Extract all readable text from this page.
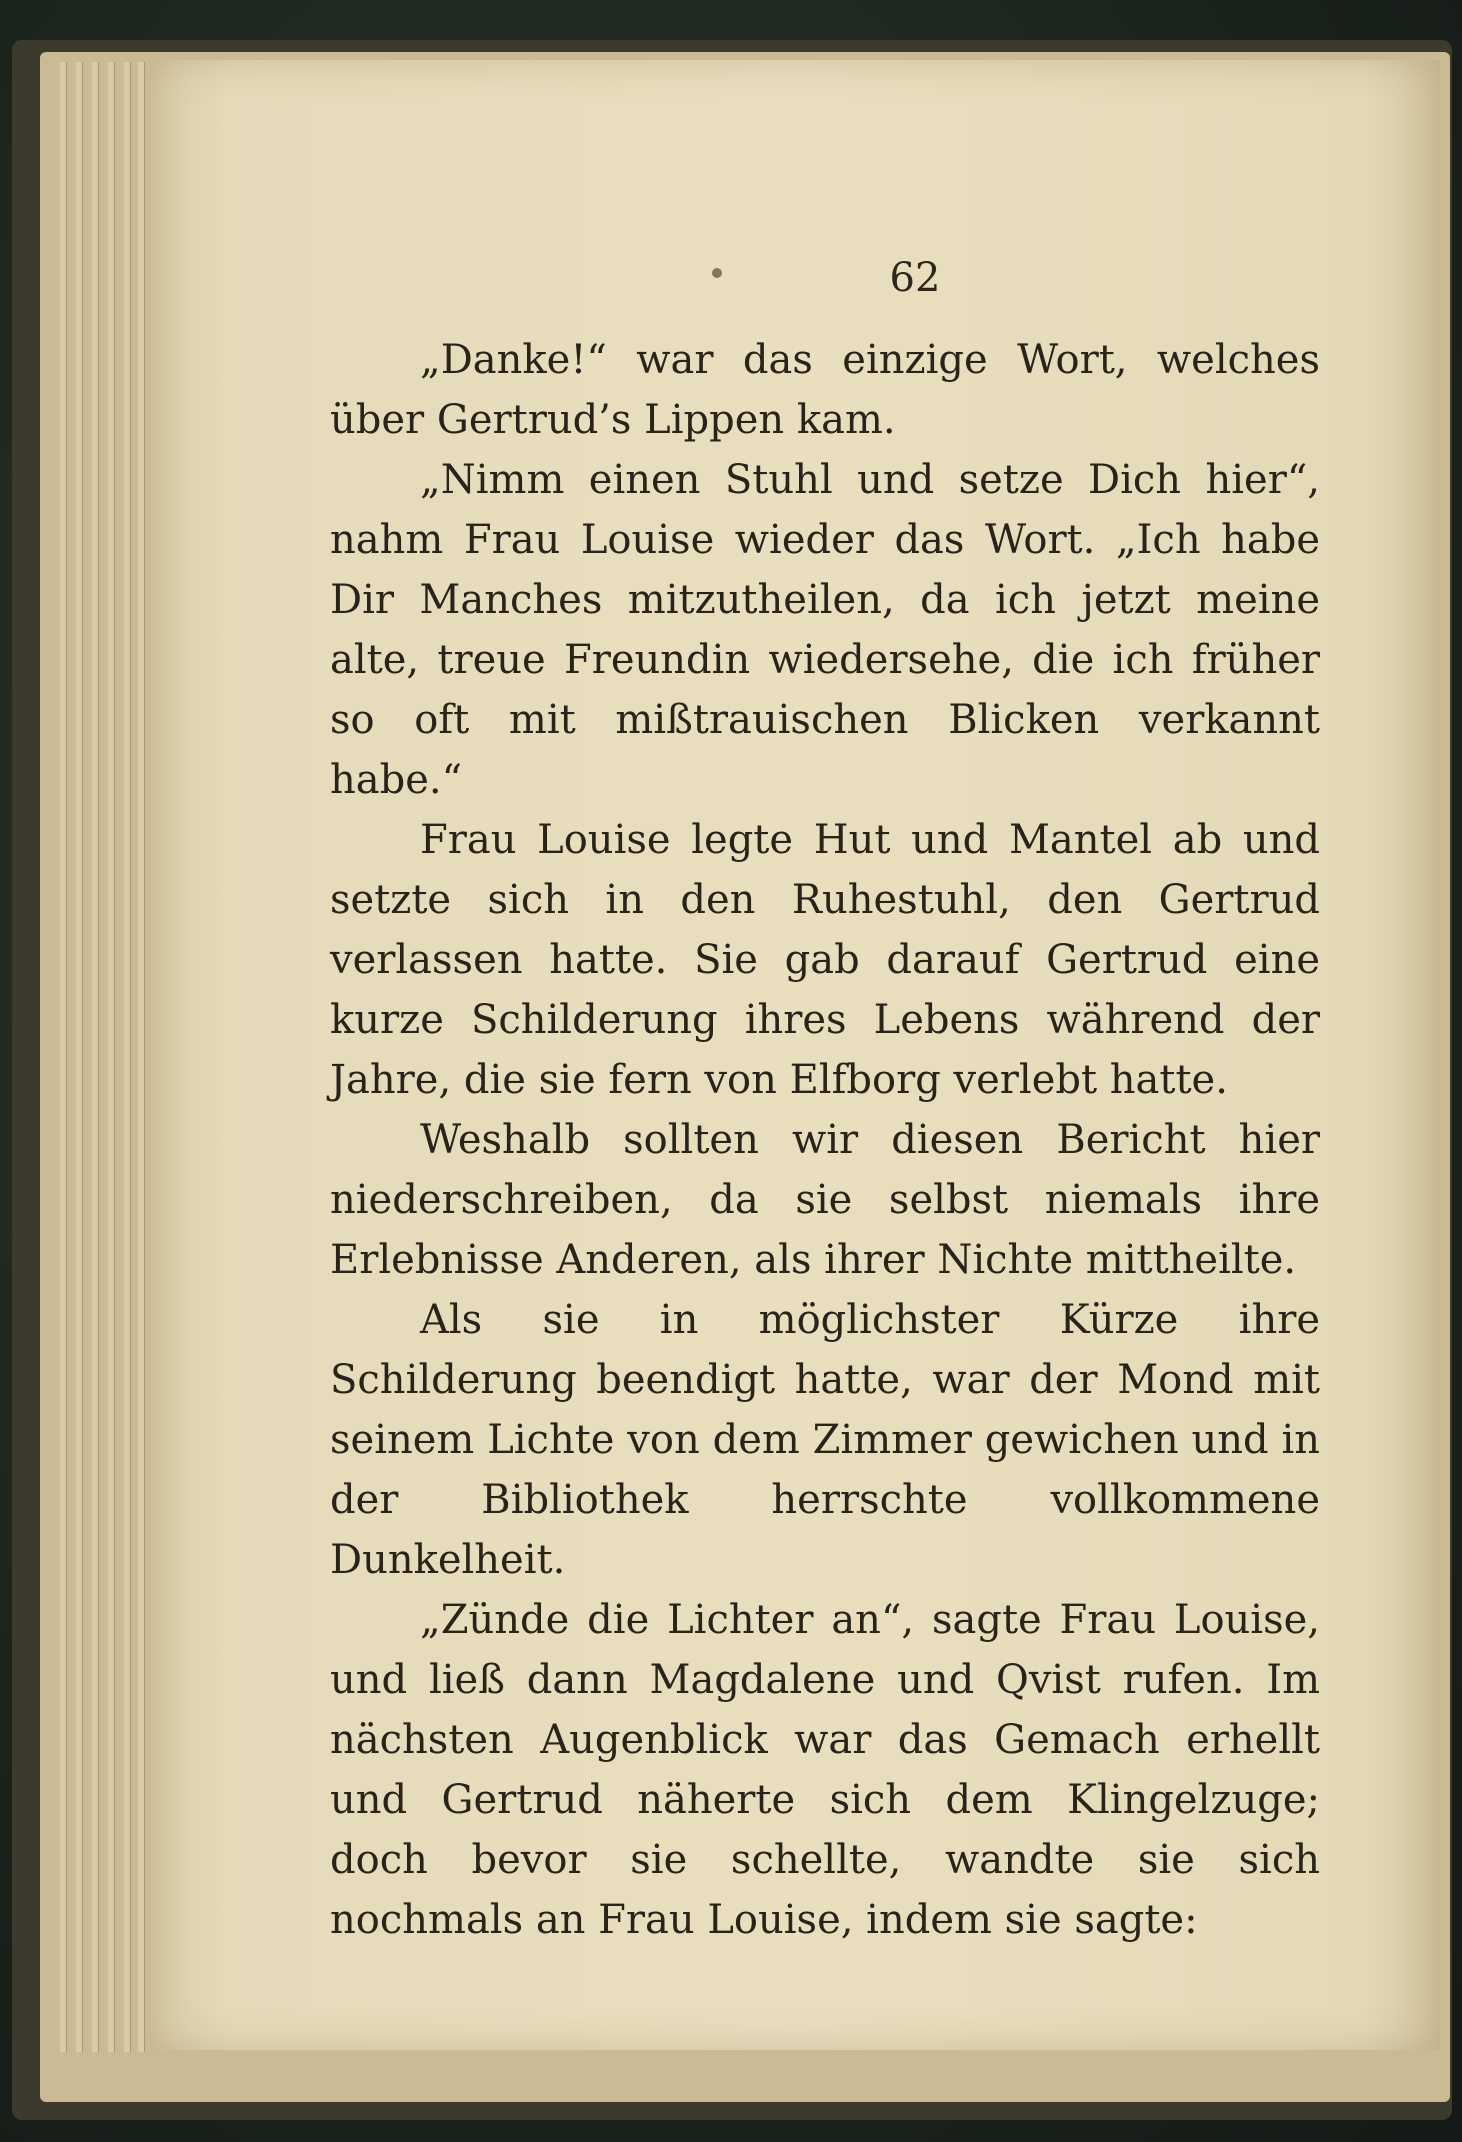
62

„Danke!“ war das einzige Wort, welches über Gertrud’s Lippen kam.

„Nimm einen Stuhl und setze Dich hier“, nahm Frau Louise wieder das Wort. „Ich habe Dir Manches mitzutheilen, da ich jetzt meine alte, treue Freundin wiedersehe, die ich früher so oft mit mißtrauischen Blicken verkannt habe.“

Frau Louise legte Hut und Mantel ab und setzte sich in den Ruhestuhl, den Gertrud verlassen hatte. Sie gab darauf Gertrud eine kurze Schilderung ihres Lebens während der Jahre, die sie fern von Elfborg verlebt hatte.

Weshalb sollten wir diesen Bericht hier niederschreiben, da sie selbst niemals ihre Erlebnisse Anderen, als ihrer Nichte mittheilte.

Als sie in möglichster Kürze ihre Schilderung beendigt hatte, war der Mond mit seinem Lichte von dem Zimmer gewichen und in der Bibliothek herrschte vollkommene Dunkelheit.

„Zünde die Lichter an“, sagte Frau Louise, und ließ dann Magdalene und Qvist rufen. Im nächsten Augenblick war das Gemach erhellt und Gertrud näherte sich dem Klingelzuge; doch bevor sie schellte, wandte sie sich nochmals an Frau Louise, indem sie sagte:
